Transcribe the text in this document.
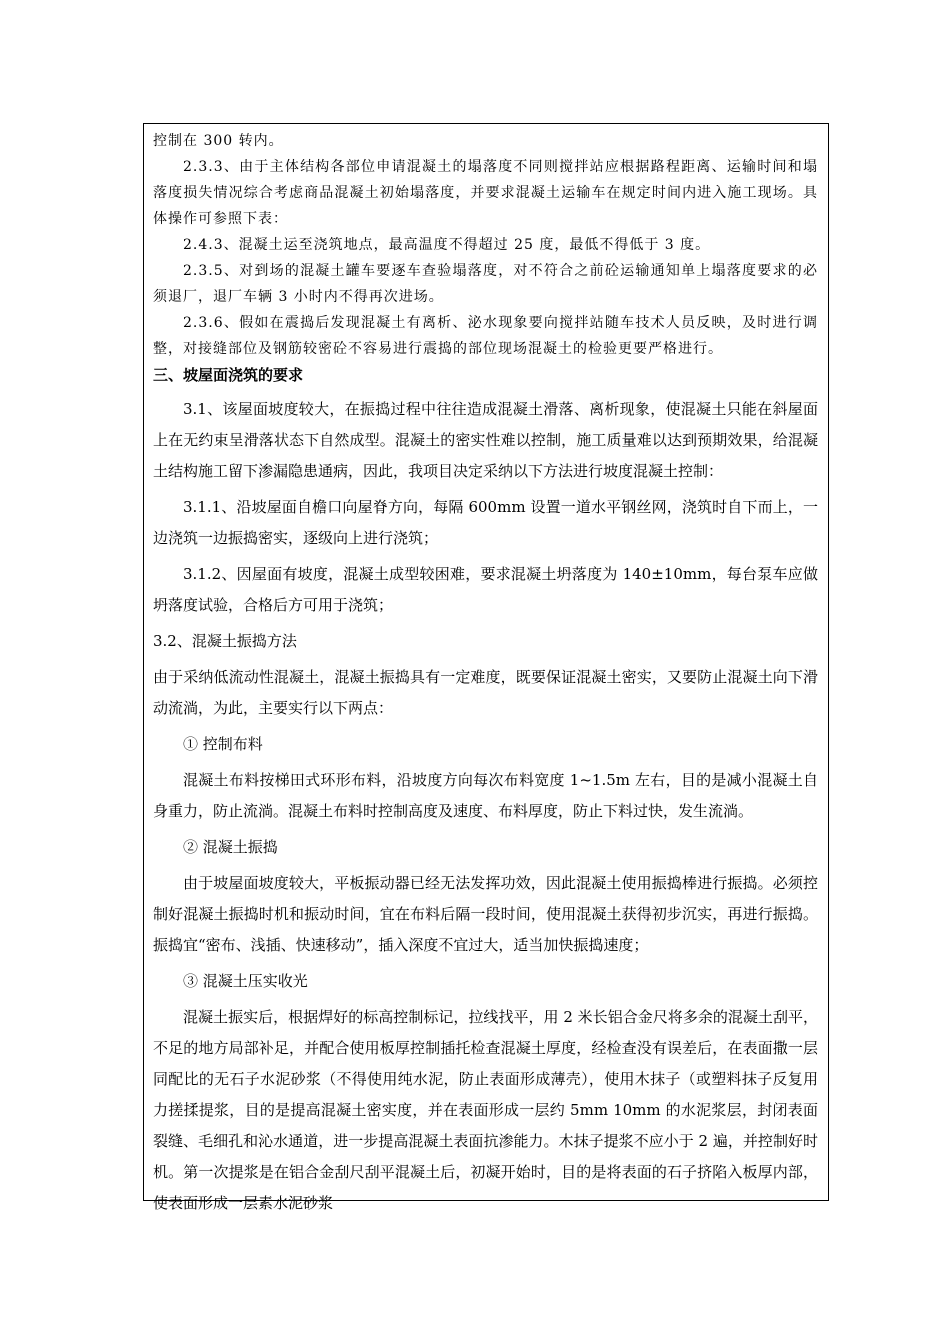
控制在 300 转内。

2.3.3、由于主体结构各部位申请混凝土的塌落度不同则搅拌站应根据路程距离、运输时间和塌落度损失情况综合考虑商品混凝土初始塌落度，并要求混凝土运输车在规定时间内进入施工现场。具体操作可参照下表：

2.4.3、混凝土运至浇筑地点，最高温度不得超过 25 度，最低不得低于 3 度。

2.3.5、对到场的混凝土罐车要逐车查验塌落度，对不符合之前砼运输通知单上塌落度要求的必须退厂，退厂车辆 3 小时内不得再次进场。

2.3.6、假如在震捣后发现混凝土有离析、泌水现象要向搅拌站随车技术人员反映，及时进行调整，对接缝部位及钢筋较密砼不容易进行震捣的部位现场混凝土的检验更要严格进行。

三、坡屋面浇筑的要求

3.1、该屋面坡度较大，在振捣过程中往往造成混凝土滑落、离析现象，使混凝土只能在斜屋面上在无约束呈滑落状态下自然成型。混凝土的密实性难以控制，施工质量难以达到预期效果，给混凝土结构施工留下渗漏隐患通病，因此，我项目决定采纳以下方法进行坡度混凝土控制：

3.1.1、沿坡屋面自檐口向屋脊方向，每隔 600mm 设置一道水平钢丝网，浇筑时自下而上，一边浇筑一边振捣密实，逐级向上进行浇筑；

3.1.2、因屋面有坡度，混凝土成型较困难，要求混凝土坍落度为 140±10mm，每台泵车应做坍落度试验，合格后方可用于浇筑；

3.2、混凝土振捣方法

由于采纳低流动性混凝土，混凝土振捣具有一定难度，既要保证混凝土密实，又要防止混凝土向下滑动流淌，为此，主要实行以下两点：

① 控制布料

混凝土布料按梯田式环形布料，沿坡度方向每次布料宽度 1~1.5m 左右，目的是减小混凝土自身重力，防止流淌。混凝土布料时控制高度及速度、布料厚度，防止下料过快，发生流淌。

② 混凝土振捣

由于坡屋面坡度较大，平板振动器已经无法发挥功效，因此混凝土使用振捣棒进行振捣。必须控制好混凝土振捣时机和振动时间，宜在布料后隔一段时间，使用混凝土获得初步沉实，再进行振捣。振捣宜“密布、浅插、快速移动”，插入深度不宜过大，适当加快振捣速度；

③ 混凝土压实收光

混凝土振实后，根据焊好的标高控制标记，拉线找平，用 2 米长铝合金尺将多余的混凝土刮平，不足的地方局部补足，并配合使用板厚控制插托检查混凝土厚度，经检查没有误差后，在表面撒一层同配比的无石子水泥砂浆（不得使用纯水泥，防止表面形成薄壳），使用木抹子（或塑料抹子反复用力搓揉提浆，目的是提高混凝土密实度，并在表面形成一层约 5mm 10mm 的水泥浆层，封闭表面裂缝、毛细孔和沁水通道，进一步提高混凝土表面抗渗能力。木抹子提浆不应小于 2 遍，并控制好时机。第一次提浆是在铝合金刮尺刮平混凝土后，初凝开始时，目的是将表面的石子挤陷入板厚内部，使表面形成一层素水泥砂浆
